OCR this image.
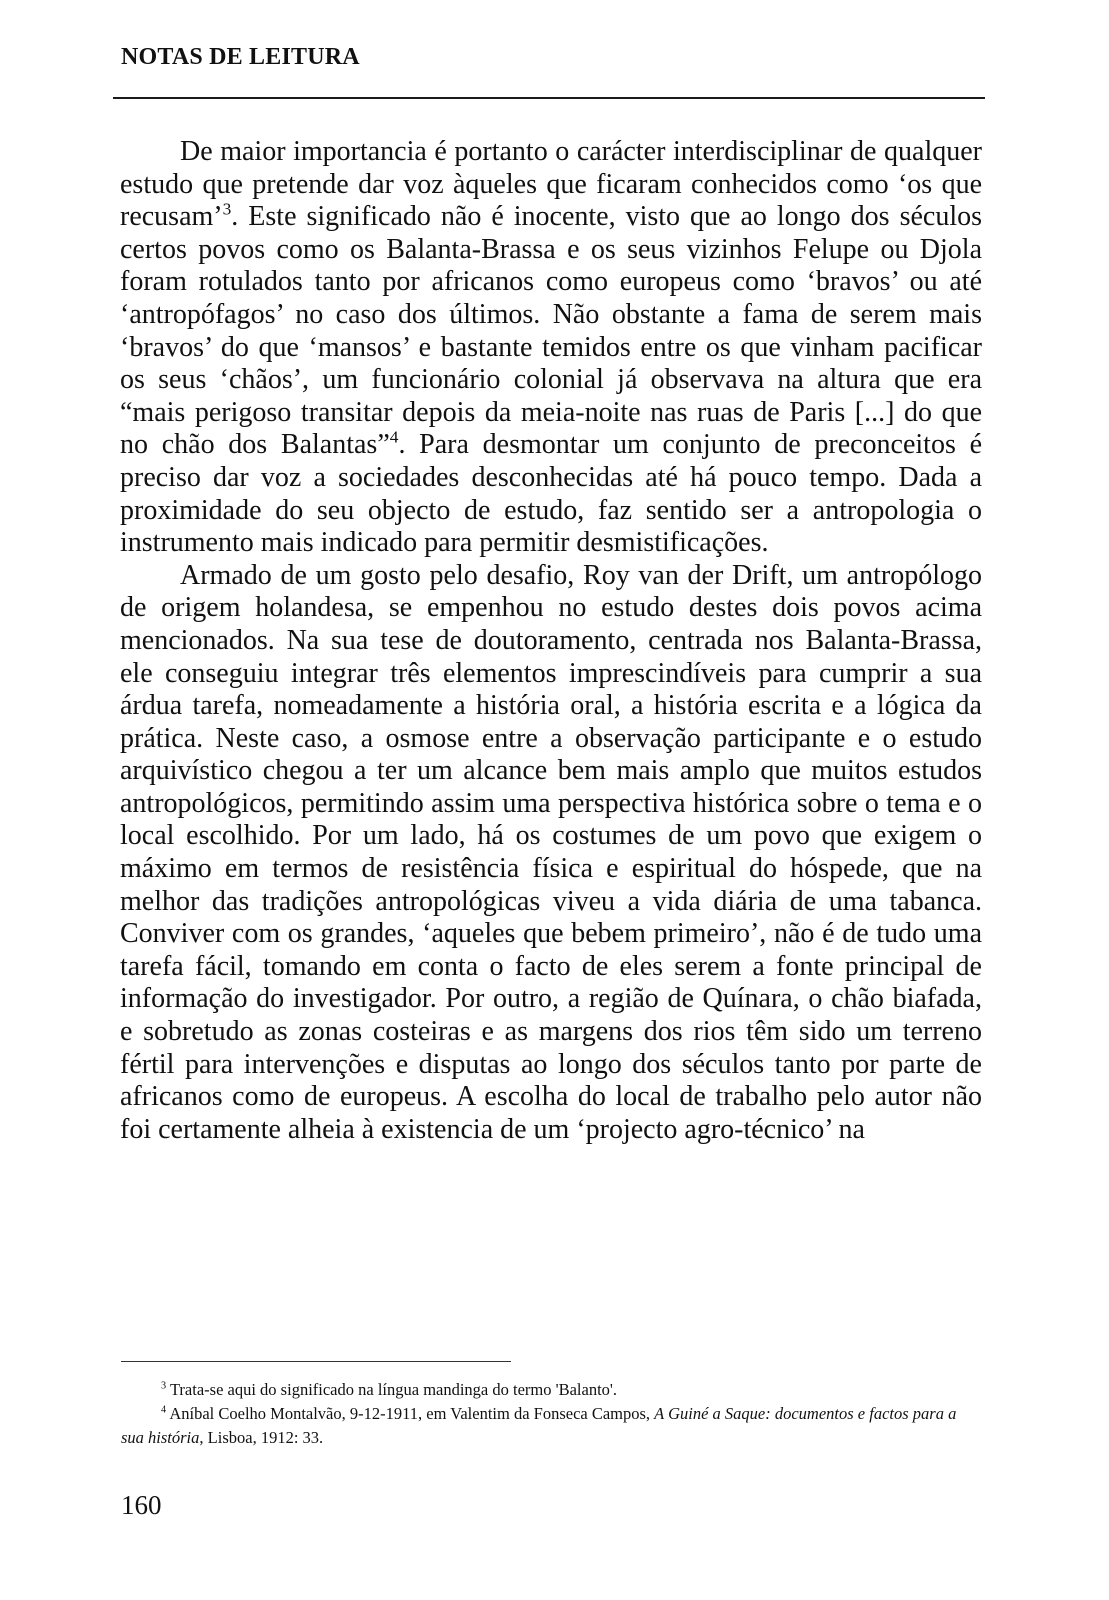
NOTAS DE LEITURA

De maior importancia é portanto o carácter interdisciplinar de qualquer estudo que pretende dar voz àqueles que ficaram conhecidos como ‘os que recusam’$^3$. Este significado não é inocente, visto que ao longo dos séculos certos povos como os Balanta-Brassa e os seus vizinhos Felupe ou Djola foram rotulados tanto por africanos como europeus como ‘bravos’ ou até ‘antropófagos’ no caso dos últimos. Não obstante a fama de serem mais ‘bravos’ do que ‘mansos’ e bastante temidos entre os que vinham pacificar os seus ‘chãos’, um funcionário colonial já observava na altura que era “mais perigoso transitar depois da meia-noite nas ruas de Paris [...] do que no chão dos Balantas”$^4$. Para desmontar um conjunto de preconceitos é preciso dar voz a sociedades desconhecidas até há pouco tempo. Dada a proximidade do seu objecto de estudo, faz sentido ser a antropologia o instrumento mais indicado para permitir desmistificações.

Armado de um gosto pelo desafio, Roy van der Drift, um antropólogo de origem holandesa, se empenhou no estudo destes dois povos acima mencionados. Na sua tese de doutoramento, centrada nos Balanta-Brassa, ele conseguiu integrar três elementos imprescindíveis para cumprir a sua árdua tarefa, nomeadamente a história oral, a história escrita e a lógica da prática. Neste caso, a osmose entre a observação participante e o estudo arquivístico chegou a ter um alcance bem mais amplo que muitos estudos antropológicos, permitindo assim uma perspectiva histórica sobre o tema e o local escolhido. Por um lado, há os costumes de um povo que exigem o máximo em termos de resistência física e espiritual do hóspede, que na melhor das tradições antropológicas viveu a vida diária de uma tabanca. Conviver com os grandes, ‘aqueles que bebem primeiro’, não é de tudo uma tarefa fácil, tomando em conta o facto de eles serem a fonte principal de informação do investigador. Por outro, a região de Quínara, o chão biafada, e sobretudo as zonas costeiras e as margens dos rios têm sido um terreno fértil para intervenções e disputas ao longo dos séculos tanto por parte de africanos como de europeus. A escolha do local de trabalho pelo autor não foi certamente alheia à existencia de um ‘projecto agro-técnico’ na

$^3$ Trata-se aqui do significado na língua mandinga do termo 'Balanto'.

$^4$ Aníbal Coelho Montalvão, 9-12-1911, em Valentim da Fonseca Campos, A Guiné a Saque: documentos e factos para a sua história, Lisboa, 1912: 33.

160
